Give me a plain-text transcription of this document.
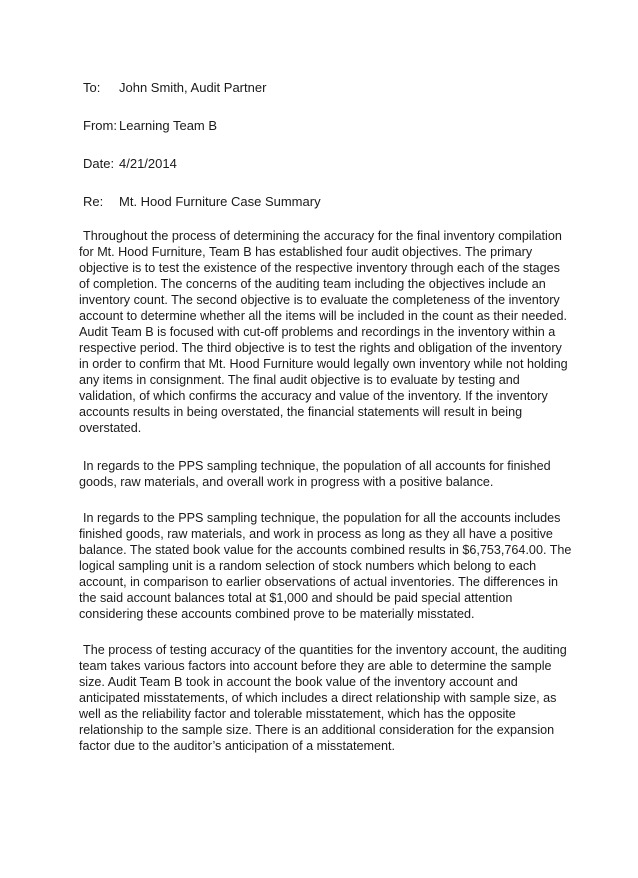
To:	John Smith, Audit Partner
From: Learning Team B
Date: 4/21/2014
Re:	Mt. Hood Furniture Case Summary

Throughout the process of determining the accuracy for the final inventory compilation for Mt. Hood Furniture, Team B has established four audit objectives. The primary objective is to test the existence of the respective inventory through each of the stages of completion. The concerns of the auditing team including the objectives include an inventory count. The second objective is to evaluate the completeness of the inventory account to determine whether all the items will be included in the count as their needed. Audit Team B is focused with cut-off problems and recordings in the inventory within a respective period. The third objective is to test the rights and obligation of the inventory in order to confirm that Mt. Hood Furniture would legally own inventory while not holding any items in consignment. The final audit objective is to evaluate by testing and validation, of which confirms the accuracy and value of the inventory. If the inventory accounts results in being overstated, the financial statements will result in being overstated.

In regards to the PPS sampling technique, the population of all accounts for finished goods, raw materials, and overall work in progress with a positive balance.

In regards to the PPS sampling technique, the population for all the accounts includes finished goods, raw materials, and work in process as long as they all have a positive balance. The stated book value for the accounts combined results in $6,753,764.00. The logical sampling unit is a random selection of stock numbers which belong to each account, in comparison to earlier observations of actual inventories. The differences in the said account balances total at $1,000 and should be paid special attention considering these accounts combined prove to be materially misstated.

The process of testing accuracy of the quantities for the inventory account, the auditing team takes various factors into account before they are able to determine the sample size. Audit Team B took in account the book value of the inventory account and anticipated misstatements, of which includes a direct relationship with sample size, as well as the reliability factor and tolerable misstatement, which has the opposite relationship to the sample size. There is an additional consideration for the expansion factor due to the auditor’s anticipation of a misstatement.
